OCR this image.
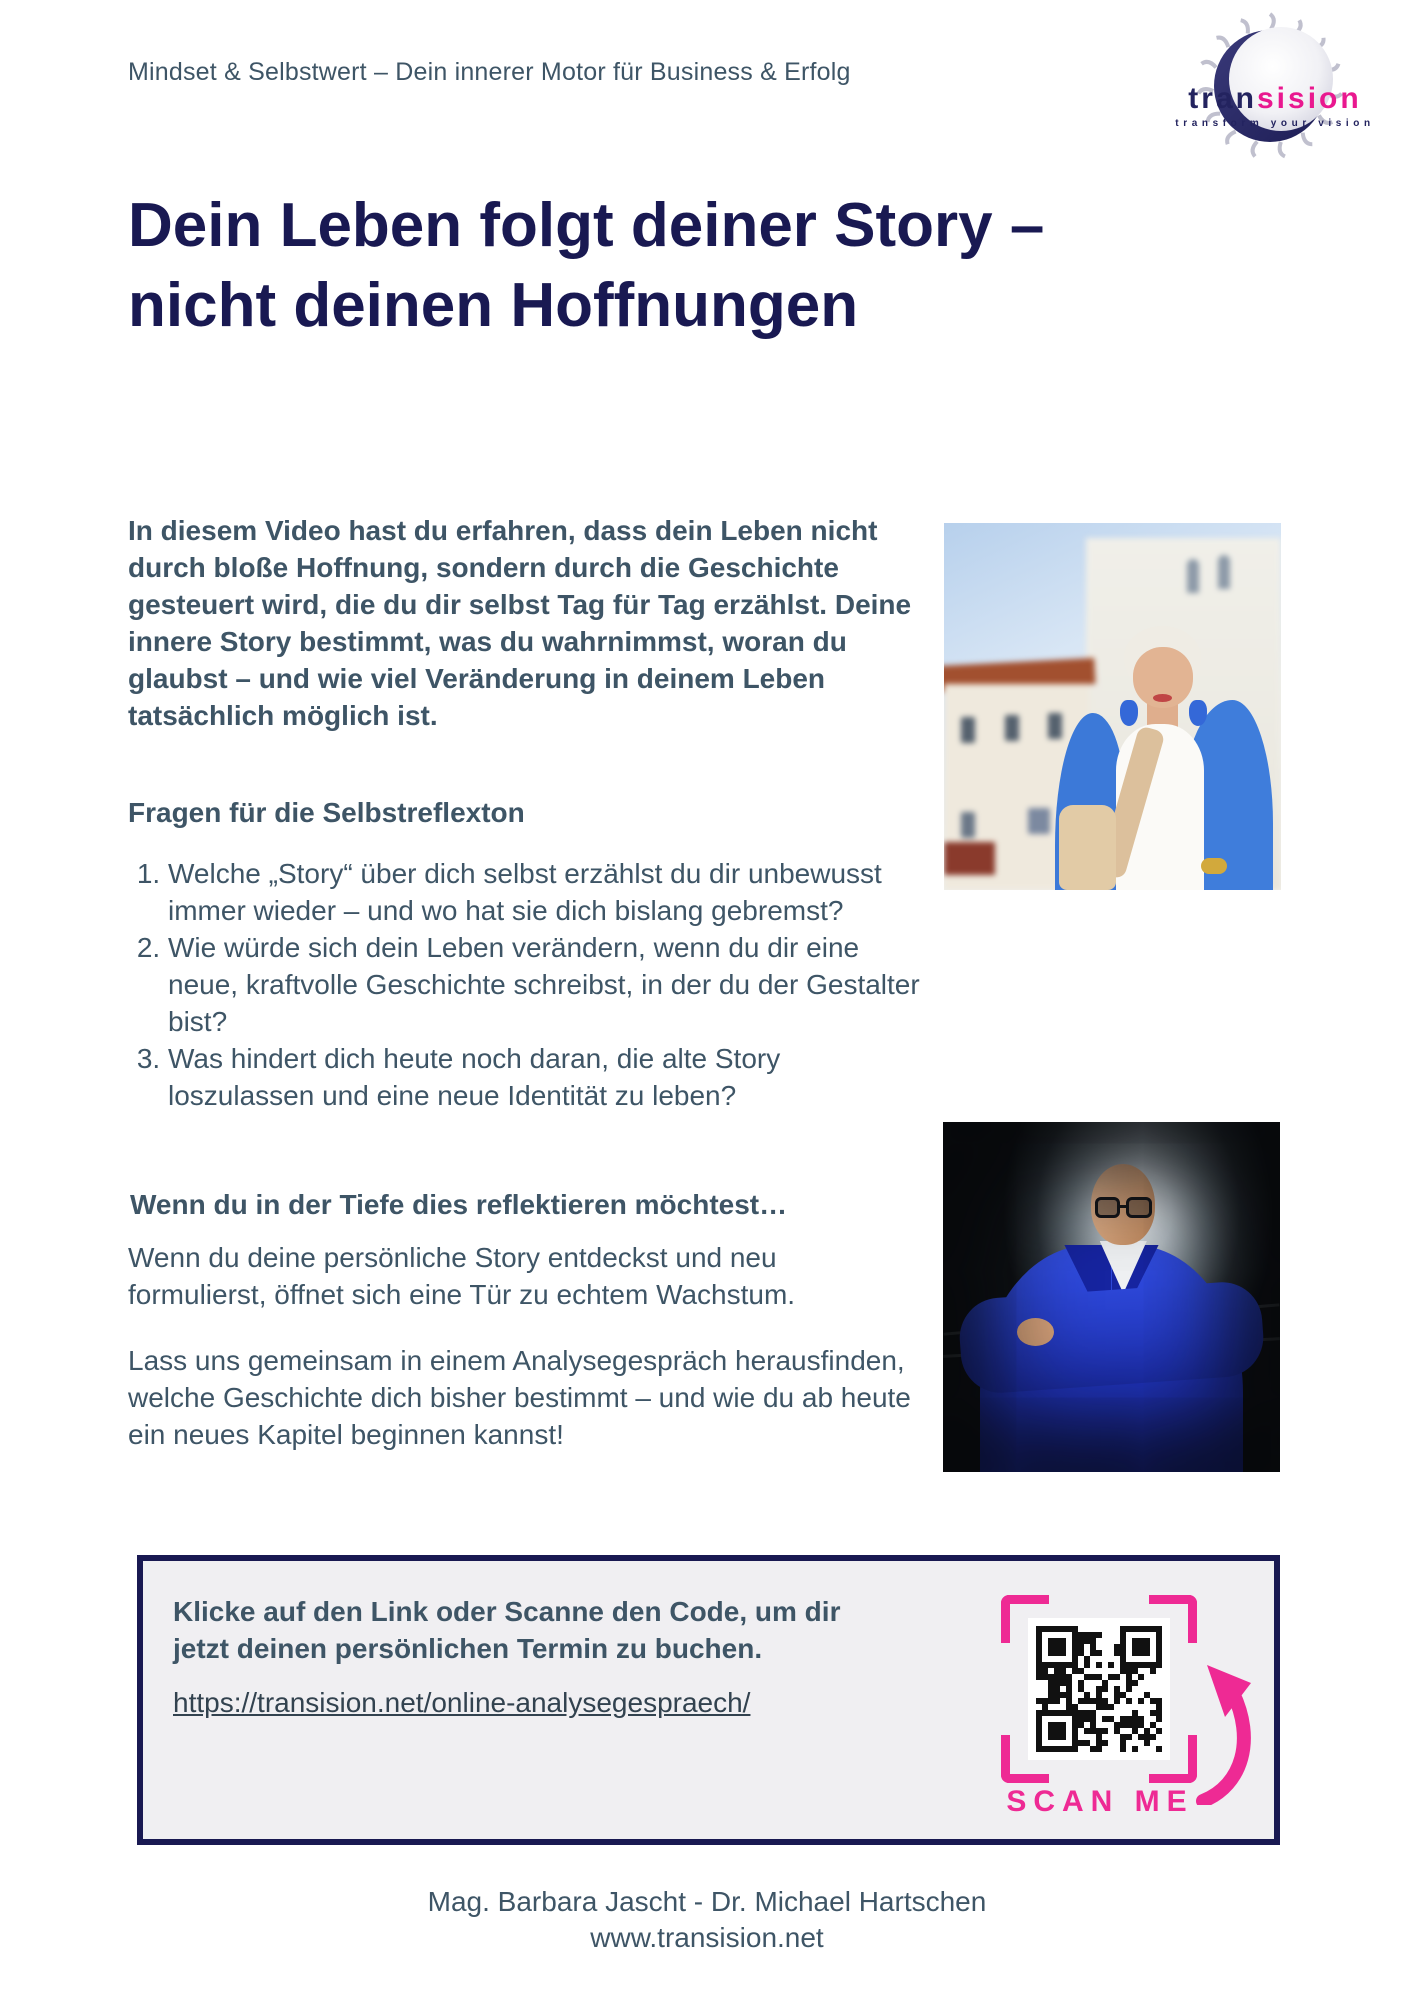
Mindset & Selbstwert – Dein innerer Motor für Business & Erfolg
transision
transform your vision
Dein Leben folgt deiner Story –
nicht deinen Hoffnungen

In diesem Video hast du erfahren, dass dein Leben nicht durch bloße Hoffnung, sondern durch die Geschichte gesteuert wird, die du dir selbst Tag für Tag erzählst. Deine innere Story bestimmt, was du wahrnimmst, woran du glaubst – und wie viel Veränderung in deinem Leben tatsächlich möglich ist.

Fragen für die Selbstreflexton
1. Welche „Story“ über dich selbst erzählst du dir unbewusst immer wieder – und wo hat sie dich bislang gebremst?
2. Wie würde sich dein Leben verändern, wenn du dir eine neue, kraftvolle Geschichte schreibst, in der du der Gestalter bist?
3. Was hindert dich heute noch daran, die alte Story loszulassen und eine neue Identität zu leben?
Wenn du in der Tiefe dies reflektieren möchtest…

Wenn du deine persönliche Story entdeckst und neu formulierst, öffnet sich eine Tür zu echtem Wachstum.

Lass uns gemeinsam in einem Analysegespräch herausfinden, welche Geschichte dich bisher bestimmt – und wie du ab heute ein neues Kapitel beginnen kannst!

Klicke auf den Link oder Scanne den Code, um dir jetzt deinen persönlichen Termin zu buchen.

https://transision.net/online-analysegespraech/
SCAN ME
Mag. Barbara Jascht - Dr. Michael Hartschen
www.transision.net
